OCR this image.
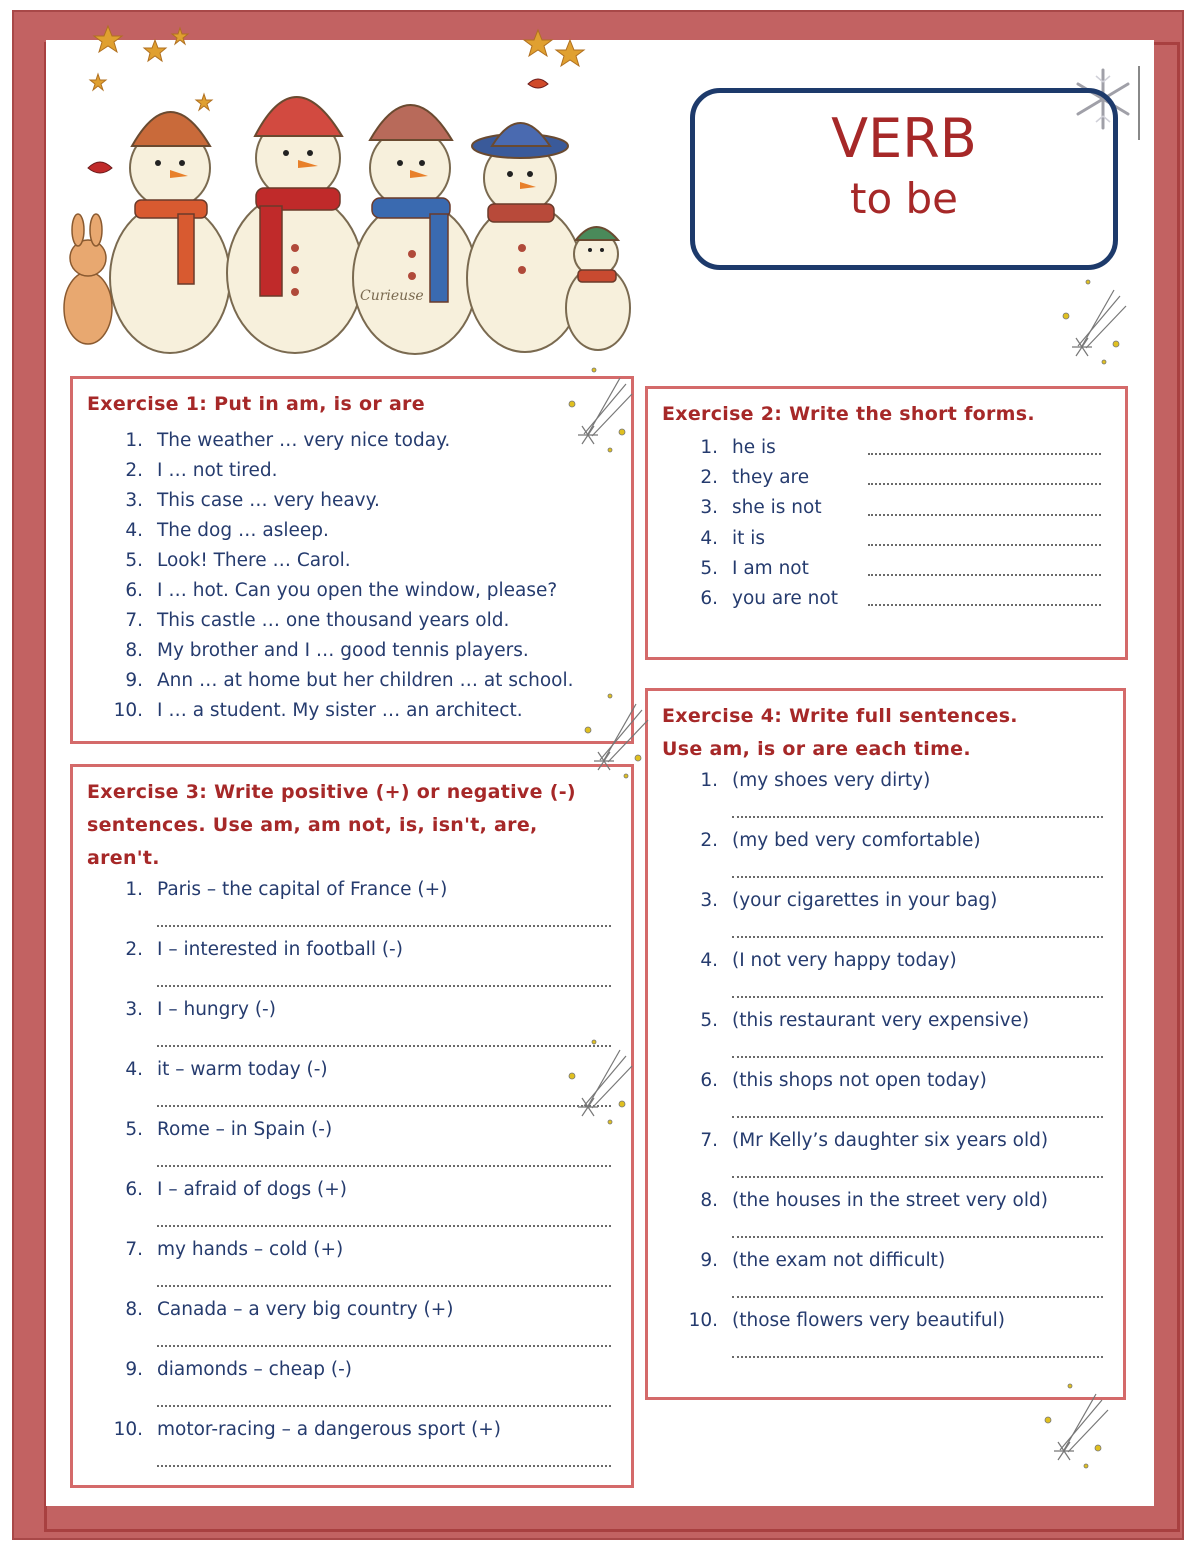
Curieuse
VERB
to be
Exercise 1: Put in am, is or are
1. The weather … very nice today.
2. I … not tired.
3. This case … very heavy.
4. The dog … asleep.
5. Look! There … Carol.
6. I … hot. Can you open the window, please?
7. This castle … one thousand years old.
8. My brother and I … good tennis players.
9. Ann … at home but her children … at school.
10. I … a student. My sister … an architect.
Exercise 2: Write the short forms.
1. he is
2. they are
3. she is not
4. it is
5. I am not
6. you are not
Exercise 3: Write positive (+) or negative (-)
sentences. Use am, am not, is, isn't, are,
aren't.
1. Paris – the capital of France (+)
2. I – interested in football (-)
3. I – hungry (-)
4. it – warm today (-)
5. Rome – in Spain (-)
6. I – afraid of dogs (+)
7. my hands – cold (+)
8. Canada – a very big country (+)
9. diamonds – cheap (-)
10. motor-racing – a dangerous sport (+)
Exercise 4: Write full sentences.
Use am, is or are each time.
1. (my shoes very dirty)
2. (my bed very comfortable)
3. (your cigarettes in your bag)
4. (I not very happy today)
5. (this restaurant very expensive)
6. (this shops not open today)
7. (Mr Kelly’s daughter six years old)
8. (the houses in the street very old)
9. (the exam not difficult)
10. (those flowers very beautiful)
